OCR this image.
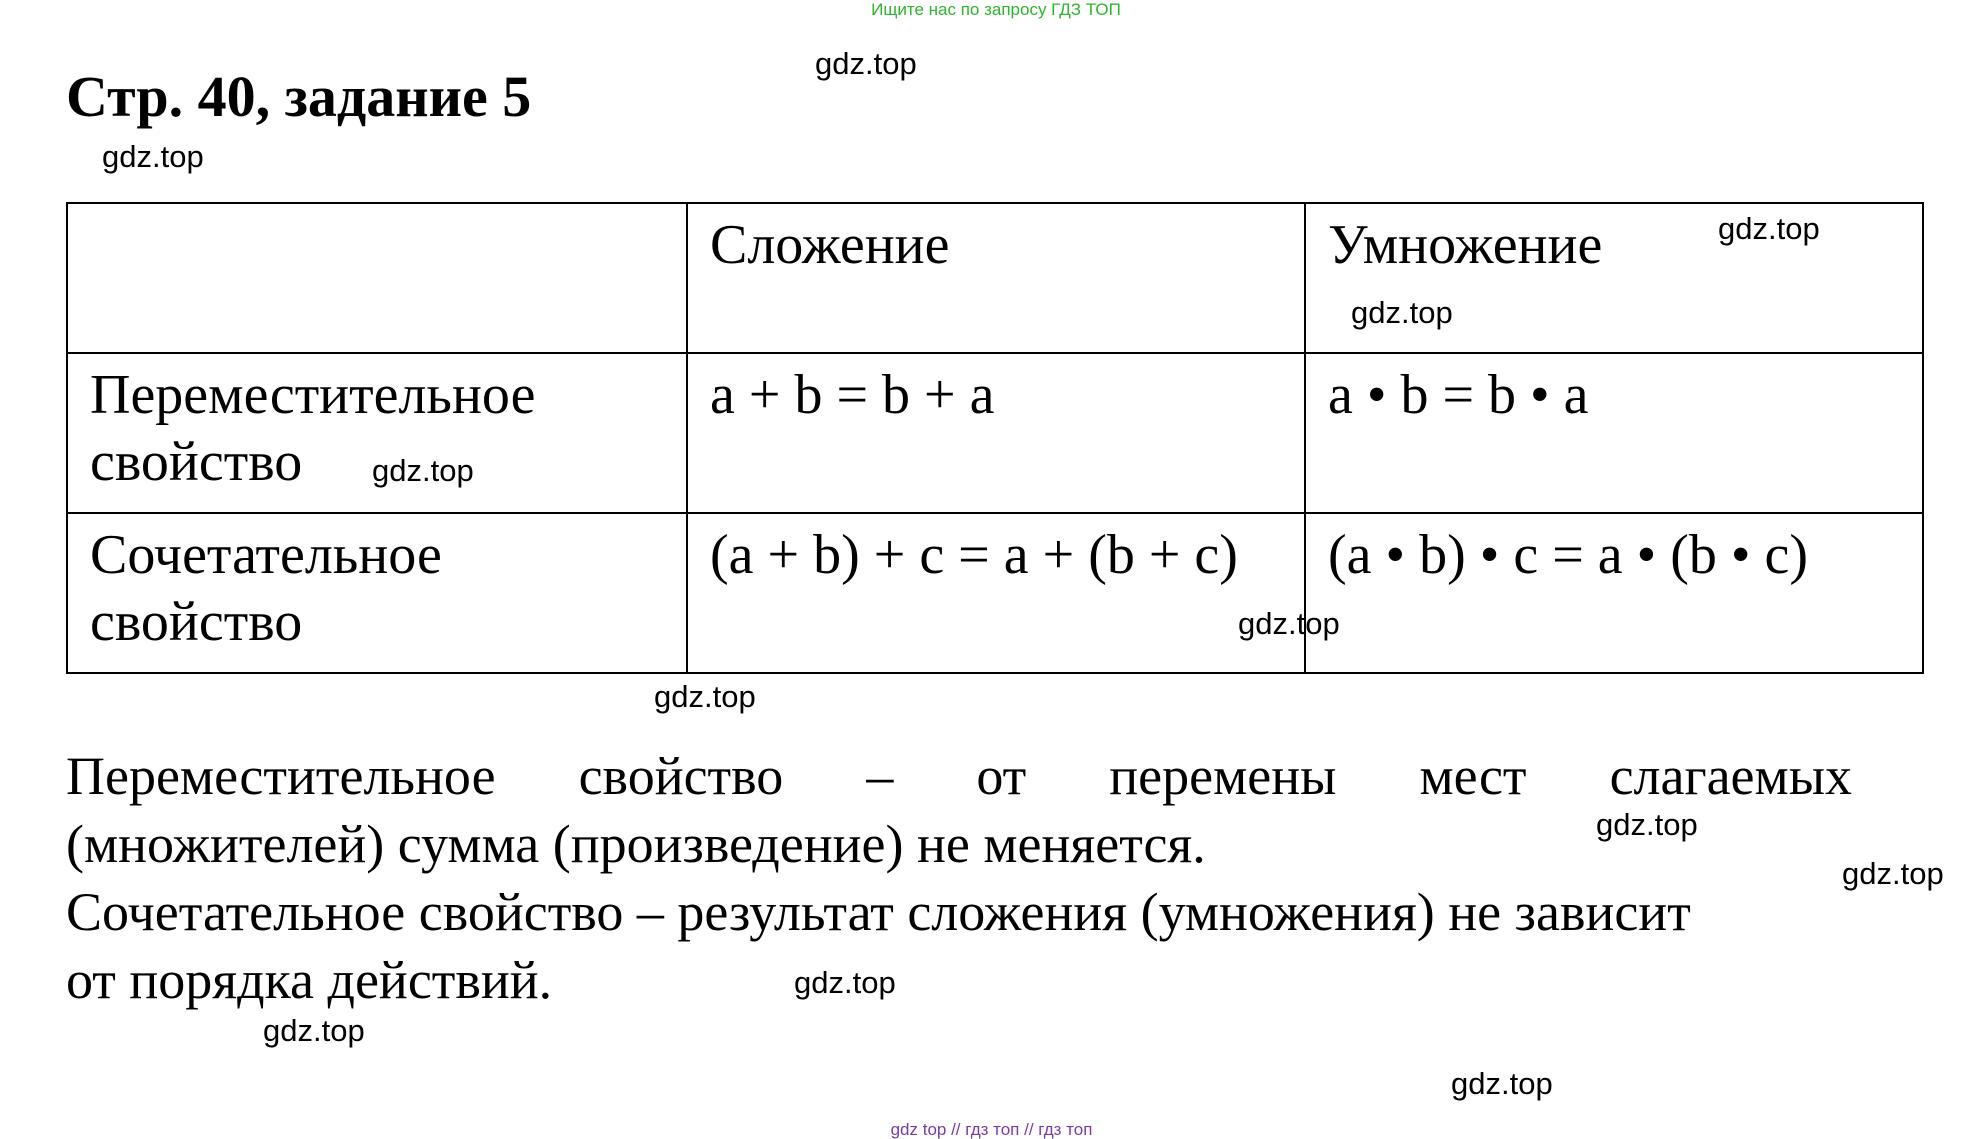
Ищите нас по запросу ГДЗ ТОП
Стр. 40, задание 5
	Сложение	Умножение

Переместительное
свойство	a + b = b + a	a • b = b • a

Сочетательное
свойство	(a + b) + c = a + (b + c)	(a • b) • c = a • (b • c)
Переместительное свойство – от перемены мест слагаемых
(множителей) сумма (произведение) не меняется.
Сочетательное свойство – результат сложения (умножения) не зависит
от порядка действий.
gdz.top
gdz.top
gdz.top
gdz.top
gdz.top
gdz.top
gdz.top
gdz.top
gdz.top
gdz.top
gdz.top
gdz.top
gdz top // гдз топ // гдз топ
